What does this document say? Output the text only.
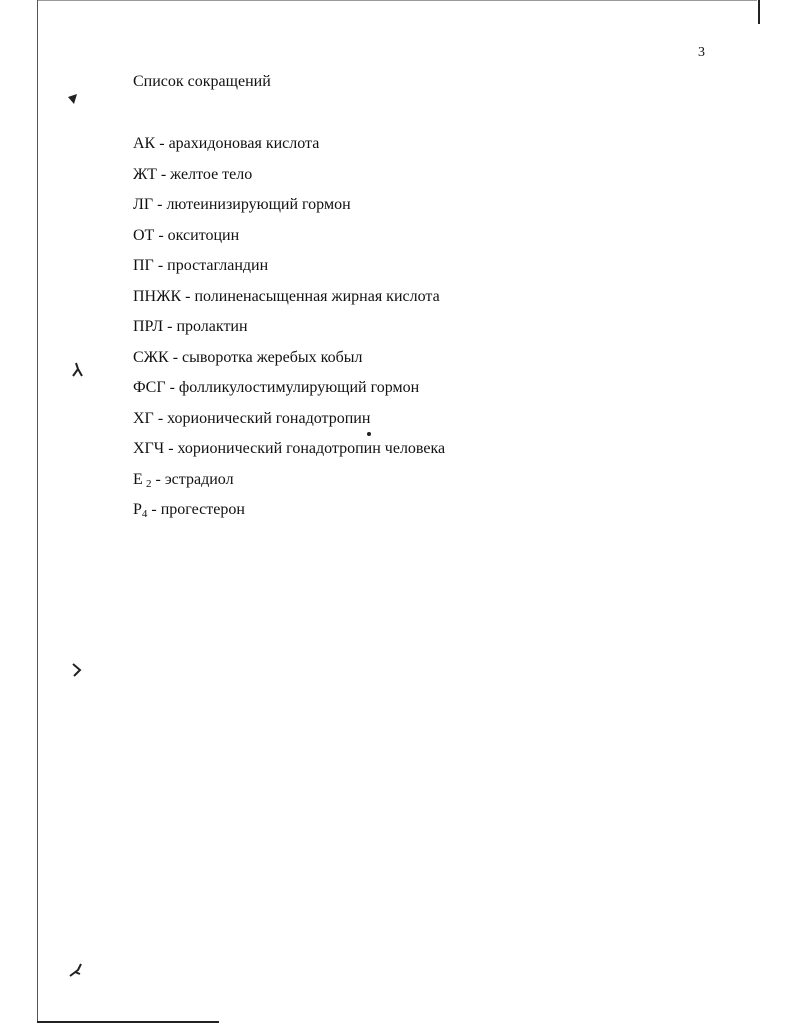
3
Список сокращений
АК - арахидоновая кислота
ЖТ - желтое тело
ЛГ - лютеинизирующий гормон
ОТ - окситоцин
ПГ - простагландин
ПНЖК - полиненасыщенная жирная кислота
ПРЛ - пролактин
СЖК - сыворотка жеребых кобыл
ФСГ - фолликулостимулирующий гормон
ХГ - хорионический гонадотропин
ХГЧ - хорионический гонадотропин человека
Е  $_2$ - эстрадиол
$Р_4$ - прогестерон
